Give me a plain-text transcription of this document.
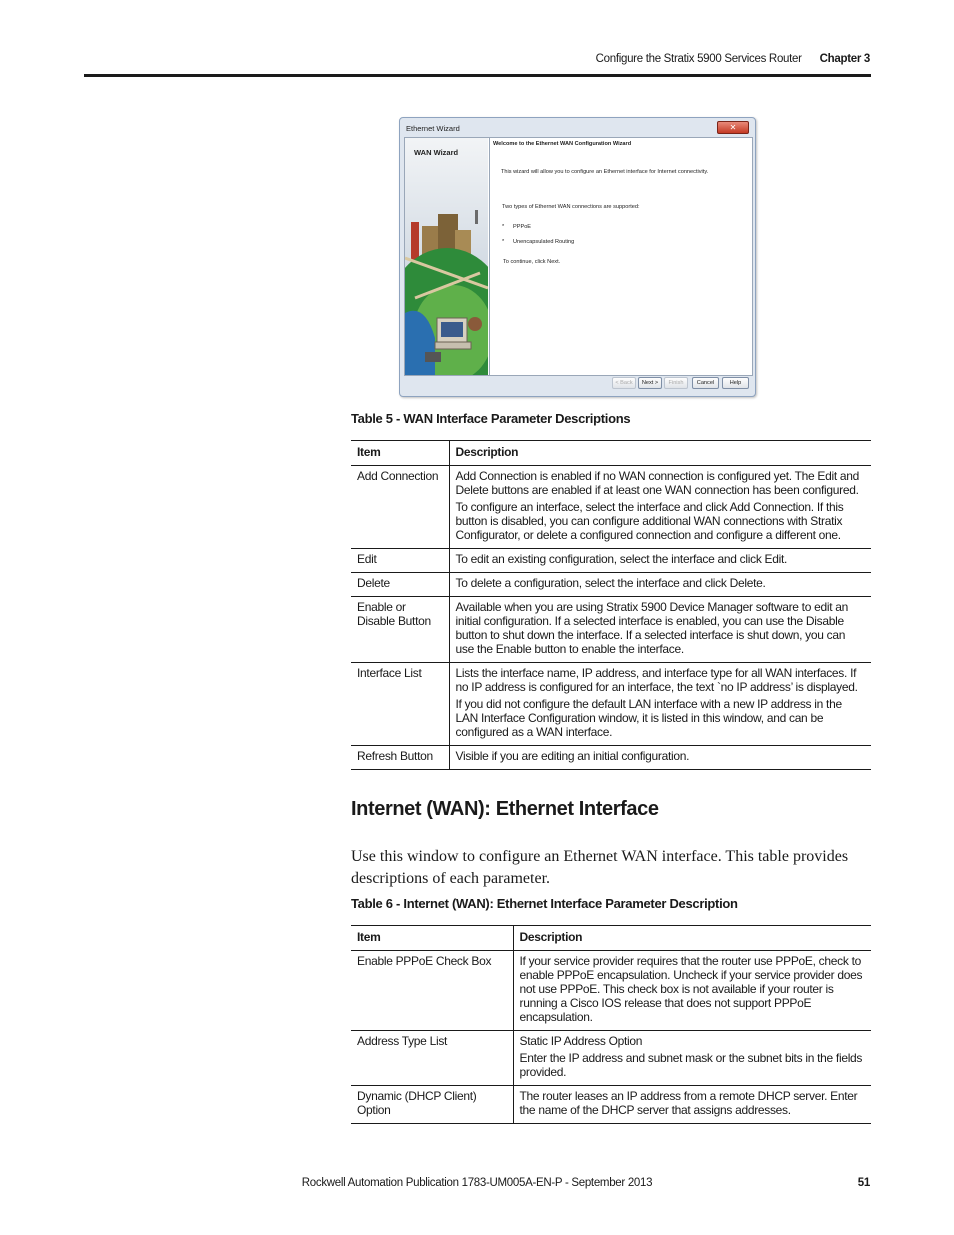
Configure the Stratix 5900 Services Router Chapter 3
Ethernet Wizard	✕
WAN Wizard
Welcome to the Ethernet WAN Configuration Wizard
This wizard will allow you to configure an Ethernet interface for Internet connectivity.
Two types of Ethernet WAN connections are supported:
* PPPoE
* Unencapsulated Routing
To continue, click Next.
< Back	Next >	Finish	Cancel	Help
Table 5 - WAN Interface Parameter Descriptions
Item	Description
Add Connection	Add Connection is enabled if no WAN connection is configured yet. The Edit and Delete buttons are enabled if at least one WAN connection has been configured.

To configure an interface, select the interface and click Add Connection. If this button is disabled, you can configure additional WAN connections with Stratix Configurator, or delete a configured connection and configure a different one.

Edit	To edit an existing configuration, select the interface and click Edit.

Delete	To delete a configuration, select the interface and click Delete.

Enable or Disable Button	Available when you are using Stratix 5900 Device Manager software to edit an initial configuration. If a selected interface is enabled, you can use the Disable button to shut down the interface. If a selected interface is shut down, you can use the Enable button to enable the interface.

Interface List	Lists the interface name, IP address, and interface type for all WAN interfaces. If no IP address is configured for an interface, the text `no IP address’ is displayed.

If you did not configure the default LAN interface with a new IP address in the LAN Interface Configuration window, it is listed in this window, and can be configured as a WAN interface.

Refresh Button	Visible if you are editing an initial configuration.

Internet (WAN): Ethernet Interface
Use this window to configure an Ethernet WAN interface. This table provides descriptions of each parameter.
Table 6 - Internet (WAN): Ethernet Interface Parameter Description
Item	Description
Enable PPPoE Check Box	If your service provider requires that the router use PPPoE, check to enable PPPoE encapsulation. Uncheck if your service provider does not use PPPoE. This check box is not available if your router is running a Cisco IOS release that does not support PPPoE encapsulation.

Address Type List	Static IP Address Option

Enter the IP address and subnet mask or the subnet bits in the fields provided.

Dynamic (DHCP Client) Option	The router leases an IP address from a remote DHCP server. Enter the name of the DHCP server that assigns addresses.

Rockwell Automation Publication 1783-UM005A-EN-P - September 2013	51
